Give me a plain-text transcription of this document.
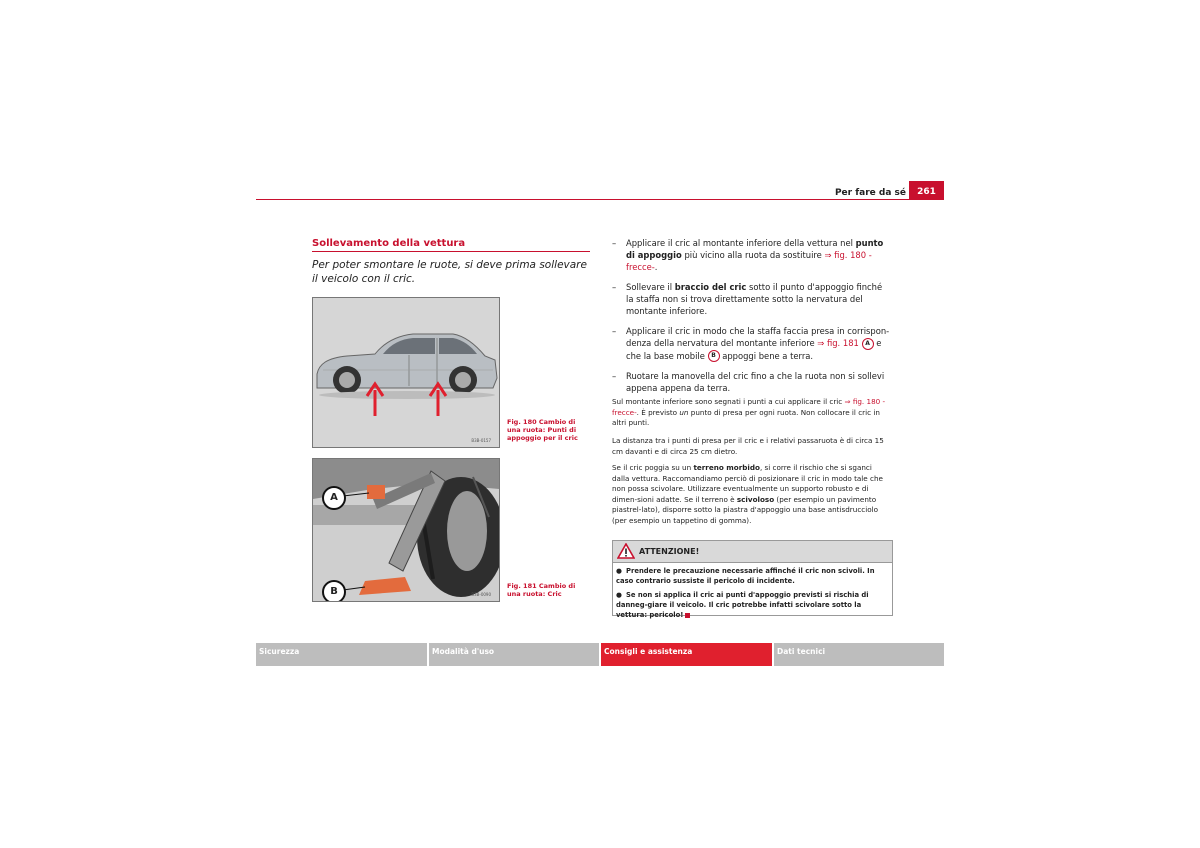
Per fare da sé	261
Sollevamento della vettura
Per poter smontare le ruote, si deve prima sollevare il veicolo con il cric.
B3B-0157
Fig. 180 Cambio di una ruota: Punti di appoggio per il cric
A
B	B3B-0090
Fig. 181 Cambio di una ruota: Cric
– Applicare il cric al montante inferiore della vettura nel punto di appoggio più vicino alla ruota da sostituire ⇒ fig. 180 -frecce-.
– Sollevare il braccio del cric sotto il punto d'appoggio finché la staffa non si trova direttamente sotto la nervatura del montante inferiore.
– Applicare il cric in modo che la staffa faccia presa in corrispon-denza della nervatura del montante inferiore ⇒ fig. 181 A e che la base mobile B appoggi bene a terra.
– Ruotare la manovella del cric fino a che la ruota non si sollevi appena appena da terra.

Sul montante inferiore sono segnati i punti a cui applicare il cric ⇒ fig. 180 -frecce-. È previsto un punto di presa per ogni ruota. Non collocare il cric in altri punti.

La distanza tra i punti di presa per il cric e i relativi passaruota è di circa 15 cm davanti e di circa 25 cm dietro.

Se il cric poggia su un terreno morbido, si corre il rischio che si sganci dalla vettura. Raccomandiamo perciò di posizionare il cric in modo tale che non possa scivolare. Utilizzare eventualmente un supporto robusto e di dimen-sioni adatte. Se il terreno è scivoloso (per esempio un pavimento piastrel-lato), disporre sotto la piastra d'appoggio una base antisdrucciolo (per esempio un tappetino di gomma).

ATTENZIONE!
● Prendere le precauzione necessarie affinché il cric non scivoli. In caso contrario sussiste il pericolo di incidente.
● Se non si applica il cric ai punti d'appoggio previsti si rischia di danneg-giare il veicolo. Il cric potrebbe infatti scivolare sotto la vettura: pericolo!
Sicurezza	Modalità d'uso	Consigli e assistenza	Dati tecnici
